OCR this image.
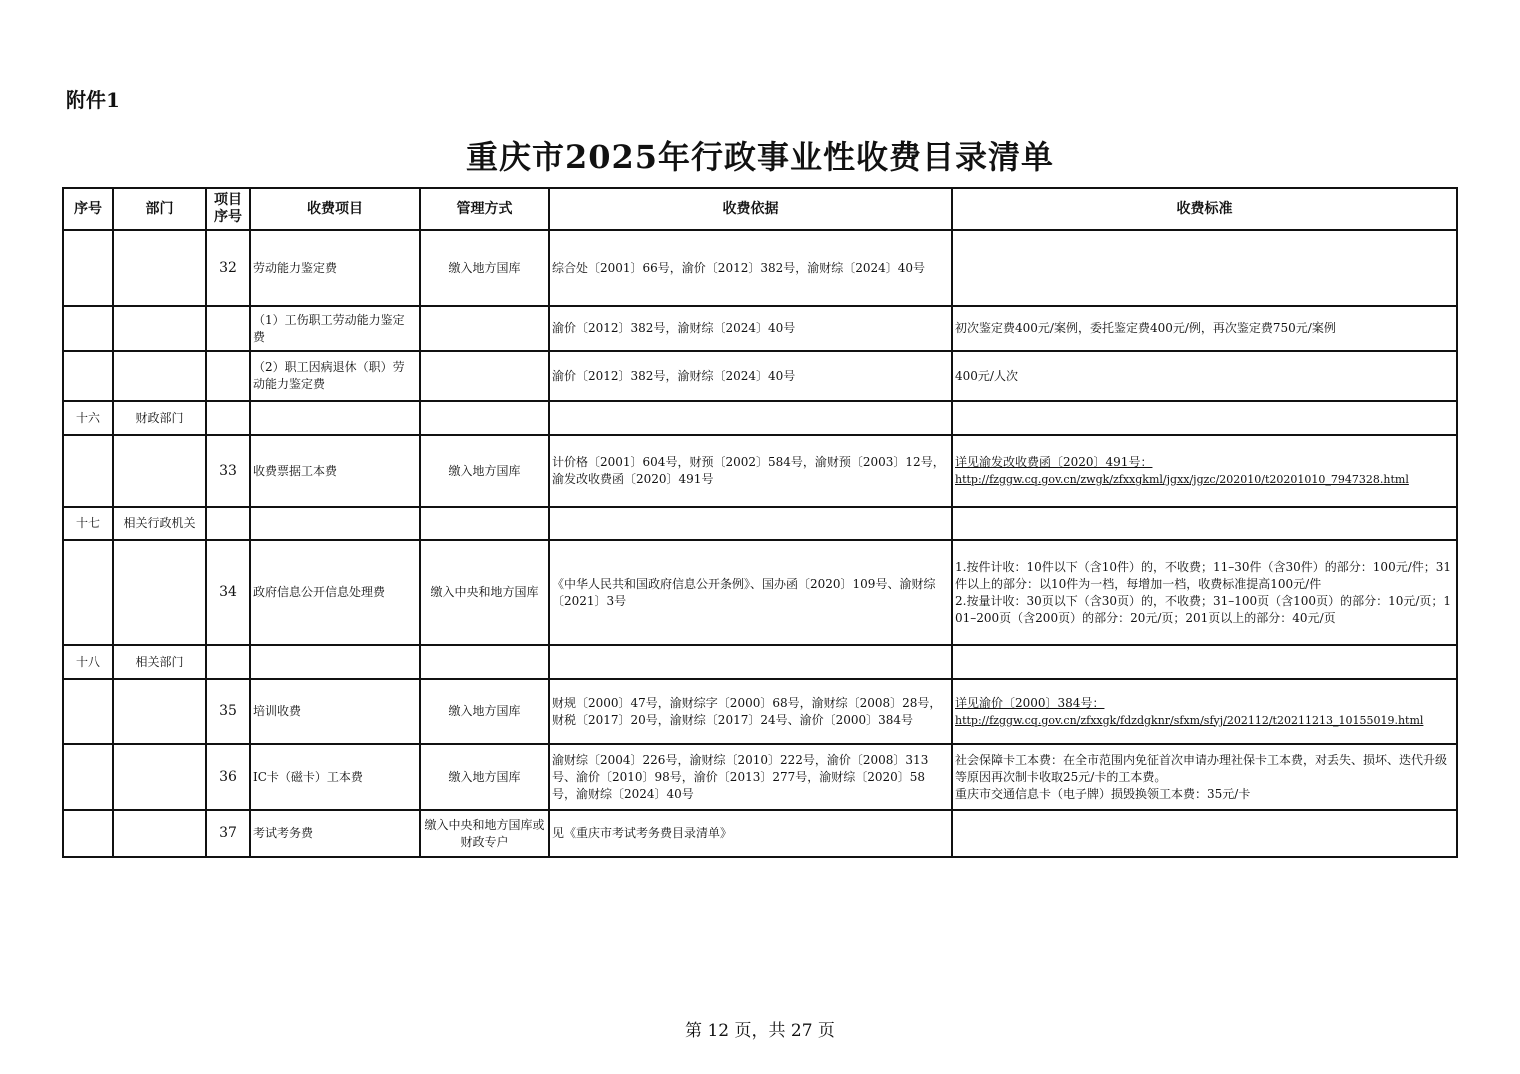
附件1
重庆市2025年行政事业性收费目录清单
序号	部门	项目序号	收费项目	管理方式	收费依据	收费标准
		32	劳动能力鉴定费	缴入地方国库	综合处〔2001〕66号，渝价〔2012〕382号，渝财综〔2024〕40号	
			（1）工伤职工劳动能力鉴定费		渝价〔2012〕382号，渝财综〔2024〕40号	初次鉴定费400元/案例，委托鉴定费400元/例，再次鉴定费750元/案例
			（2）职工因病退休（职）劳动能力鉴定费		渝价〔2012〕382号，渝财综〔2024〕40号	400元/人次
十六	财政部门					
		33	收费票据工本费	缴入地方国库	计价格〔2001〕604号，财预〔2002〕584号，渝财预〔2003〕12号，渝发改收费函〔2020〕491号	详见渝发改收费函〔2020〕491号：
http://fzggw.cq.gov.cn/zwgk/zfxxgkml/jgxx/jgzc/202010/t20201010_7947328.html
十七	相关行政机关					
		34	政府信息公开信息处理费	缴入中央和地方国库	《中华人民共和国政府信息公开条例》、国办函〔2020〕109号、渝财综〔2021〕3号	1.按件计收：10件以下（含10件）的，不收费；11–30件（含30件）的部分：100元/件；31件以上的部分：以10件为一档，每增加一档，收费标准提高100元/件
2.按量计收：30页以下（含30页）的，不收费；31–100页（含100页）的部分：10元/页；101–200页（含200页）的部分：20元/页；201页以上的部分：40元/页
十八	相关部门					
		35	培训收费	缴入地方国库	财规〔2000〕47号，渝财综字〔2000〕68号，渝财综〔2008〕28号，财税〔2017〕20号，渝财综〔2017〕24号、渝价〔2000〕384号	详见渝价〔2000〕384号：
http://fzggw.cq.gov.cn/zfxxgk/fdzdgknr/sfxm/sfyj/202112/t20211213_10155019.html
		36	IC卡（磁卡）工本费	缴入地方国库	渝财综〔2004〕226号，渝财综〔2010〕222号，渝价〔2008〕313号、渝价〔2010〕98号，渝价〔2013〕277号，渝财综〔2020〕58号，渝财综〔2024〕40号	社会保障卡工本费：在全市范围内免征首次申请办理社保卡工本费，对丢失、损坏、迭代升级等原因再次制卡收取25元/卡的工本费。
重庆市交通信息卡（电子牌）损毁换领工本费：35元/卡
		37	考试考务费	缴入中央和地方国库或财政专户	见《重庆市考试考务费目录清单》	
第 12 页，共 27 页
